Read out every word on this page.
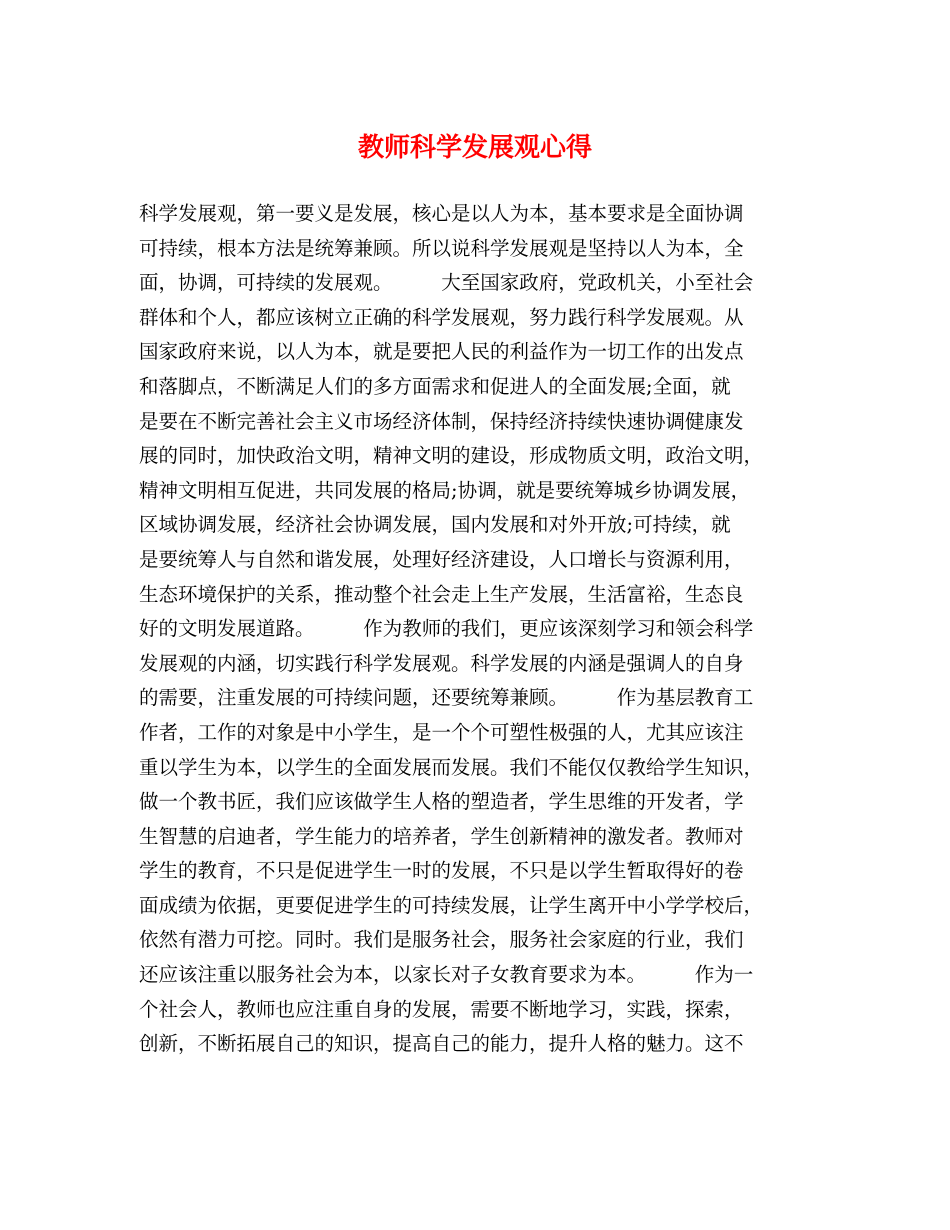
教师科学发展观心得
科学发展观，第一要义是发展，核心是以人为本，基本要求是全面协调
可持续，根本方法是统筹兼顾。所以说科学发展观是坚持以人为本，全
面，协调，可持续的发展观。　　　大至国家政府，党政机关，小至社会
群体和个人，都应该树立正确的科学发展观，努力践行科学发展观。从
国家政府来说，以人为本，就是要把人民的利益作为一切工作的出发点
和落脚点，不断满足人们的多方面需求和促进人的全面发展;全面，就
是要在不断完善社会主义市场经济体制，保持经济持续快速协调健康发
展的同时，加快政治文明，精神文明的建设，形成物质文明，政治文明，
精神文明相互促进，共同发展的格局;协调，就是要统筹城乡协调发展，
区域协调发展，经济社会协调发展，国内发展和对外开放;可持续，就
是要统筹人与自然和谐发展，处理好经济建设，人口增长与资源利用，
生态环境保护的关系，推动整个社会走上生产发展，生活富裕，生态良
好的文明发展道路。　　　作为教师的我们，更应该深刻学习和领会科学
发展观的内涵，切实践行科学发展观。科学发展的内涵是强调人的自身
的需要，注重发展的可持续问题，还要统筹兼顾。　　　作为基层教育工
作者，工作的对象是中小学生，是一个个可塑性极强的人，尤其应该注
重以学生为本，以学生的全面发展而发展。我们不能仅仅教给学生知识，
做一个教书匠，我们应该做学生人格的塑造者，学生思维的开发者，学
生智慧的启迪者，学生能力的培养者，学生创新精神的激发者。教师对
学生的教育，不只是促进学生一时的发展，不只是以学生暂取得好的卷
面成绩为依据，更要促进学生的可持续发展，让学生离开中小学学校后，
依然有潜力可挖。同时。我们是服务社会，服务社会家庭的行业，我们
还应该注重以服务社会为本，以家长对子女教育要求为本。　　　作为一
个社会人，教师也应注重自身的发展，需要不断地学习，实践，探索，
创新，不断拓展自己的知识，提高自己的能力，提升人格的魅力。这不
